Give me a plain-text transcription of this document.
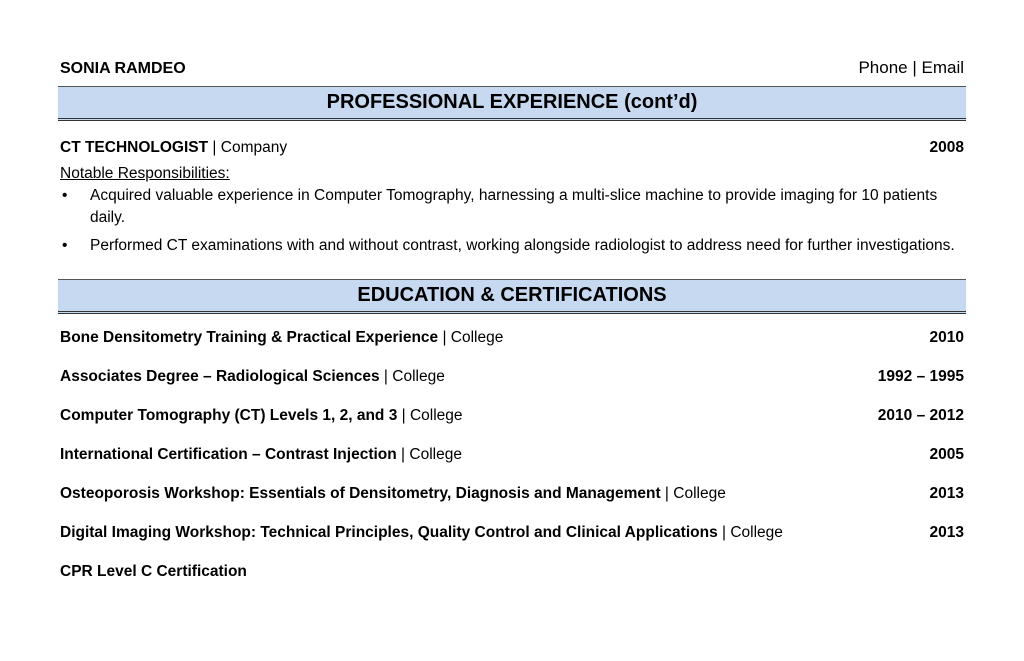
SONIA RAMDEO	Phone | Email
PROFESSIONAL EXPERIENCE (cont’d)
CT TECHNOLOGIST | Company	2008
Notable Responsibilities:
• Acquired valuable experience in Computer Tomography, harnessing a multi-slice machine to provide imaging for 10 patients daily.
• Performed CT examinations with and without contrast, working alongside radiologist to address need for further investigations.
EDUCATION & CERTIFICATIONS
Bone Densitometry Training & Practical Experience | College	2010
Associates Degree – Radiological Sciences | College	1992 – 1995
Computer Tomography (CT) Levels 1, 2, and 3 | College	2010 – 2012
International Certification – Contrast Injection | College	2005
Osteoporosis Workshop: Essentials of Densitometry, Diagnosis and Management | College	2013
Digital Imaging Workshop: Technical Principles, Quality Control and Clinical Applications | College	2013
CPR Level C Certification
